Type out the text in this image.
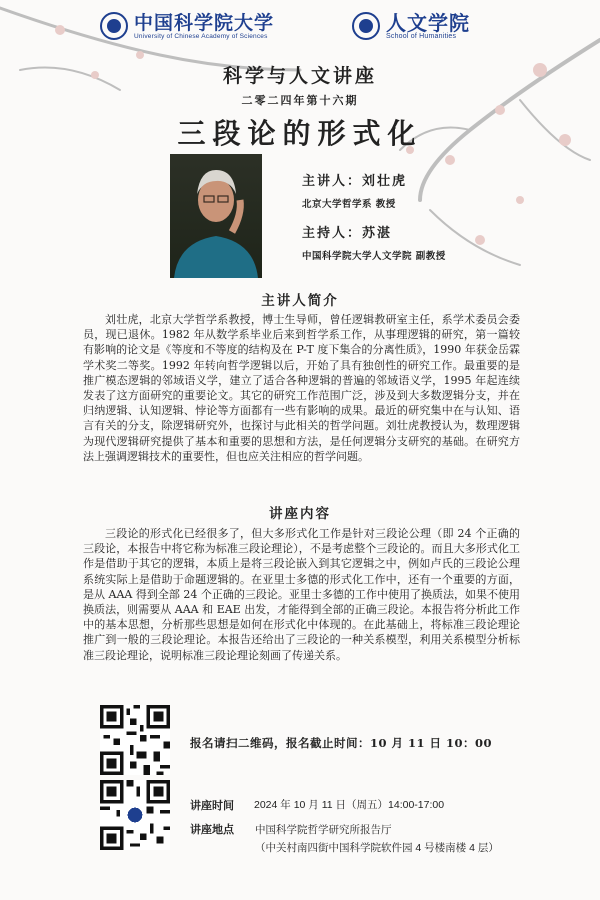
中国科学院大学
University of Chinese Academy of Sciences
人文学院
School of Humanities
科学与人文讲座
二零二四年第十六期
三段论的形式化
主讲人：刘壮虎
北京大学哲学系 教授
主持人：苏湛
中国科学院大学人文学院 副教授
主讲人简介

刘壮虎，北京大学哲学系教授，博士生导师，曾任逻辑教研室主任，系学术委员会委员，现已退休。1982 年从数学系毕业后来到哲学系工作，从事理逻辑的研究，第一篇较有影响的论文是《等度和不等度的结构及在 P-T 度下集合的分离性质》，1990 年获金岳霖学术奖二等奖。1992 年转向哲学逻辑以后，开始了具有独创性的研究工作。最重要的是推广模态逻辑的邻域语义学，建立了适合各种逻辑的普遍的邻域语义学，1995 年起连续发表了这方面研究的重要论文。其它的研究工作范围广泛，涉及到大多数逻辑分支，并在归纳逻辑、认知逻辑、悖论等方面都有一些有影响的成果。最近的研究集中在与认知、语言有关的分支，除逻辑研究外，也探讨与此相关的哲学问题。刘壮虎教授认为，数理逻辑为现代逻辑研究提供了基本和重要的思想和方法，是任何逻辑分支研究的基础。在研究方法上强调逻辑技术的重要性，但也应关注相应的哲学问题。

讲座内容

三段论的形式化已经很多了，但大多形式化工作是针对三段论公理（即 24 个正确的三段论，本报告中将它称为标准三段论理论），不是考虑整个三段论的。而且大多形式化工作是借助于其它的逻辑，本质上是将三段论嵌入到其它逻辑之中，例如卢氏的三段论公理系统实际上是借助于命题逻辑的。在亚里士多德的形式化工作中，还有一个重要的方面，是从 AAA 得到全部 24 个正确的三段论。亚里士多德的工作中使用了换质法，如果不使用换质法，则需要从 AAA 和 EAE 出发，才能得到全部的正确三段论。本报告将分析此工作中的基本思想，分析那些思想是如何在形式化中体现的。在此基础上，将标准三段论理论推广到一般的三段论理论。本报告还给出了三段论的一种关系模型，利用关系模型分析标准三段论理论，说明标准三段论理论刻画了传递关系。

报名请扫二维码，报名截止时间：10 月 11 日 10：00
讲座时间 2024 年 10 月 11 日（周五）14:00-17:00
讲座地点 中国科学院哲学研究所报告厅
（中关村南四街中国科学院软件园 4 号楼南楼 4 层）
